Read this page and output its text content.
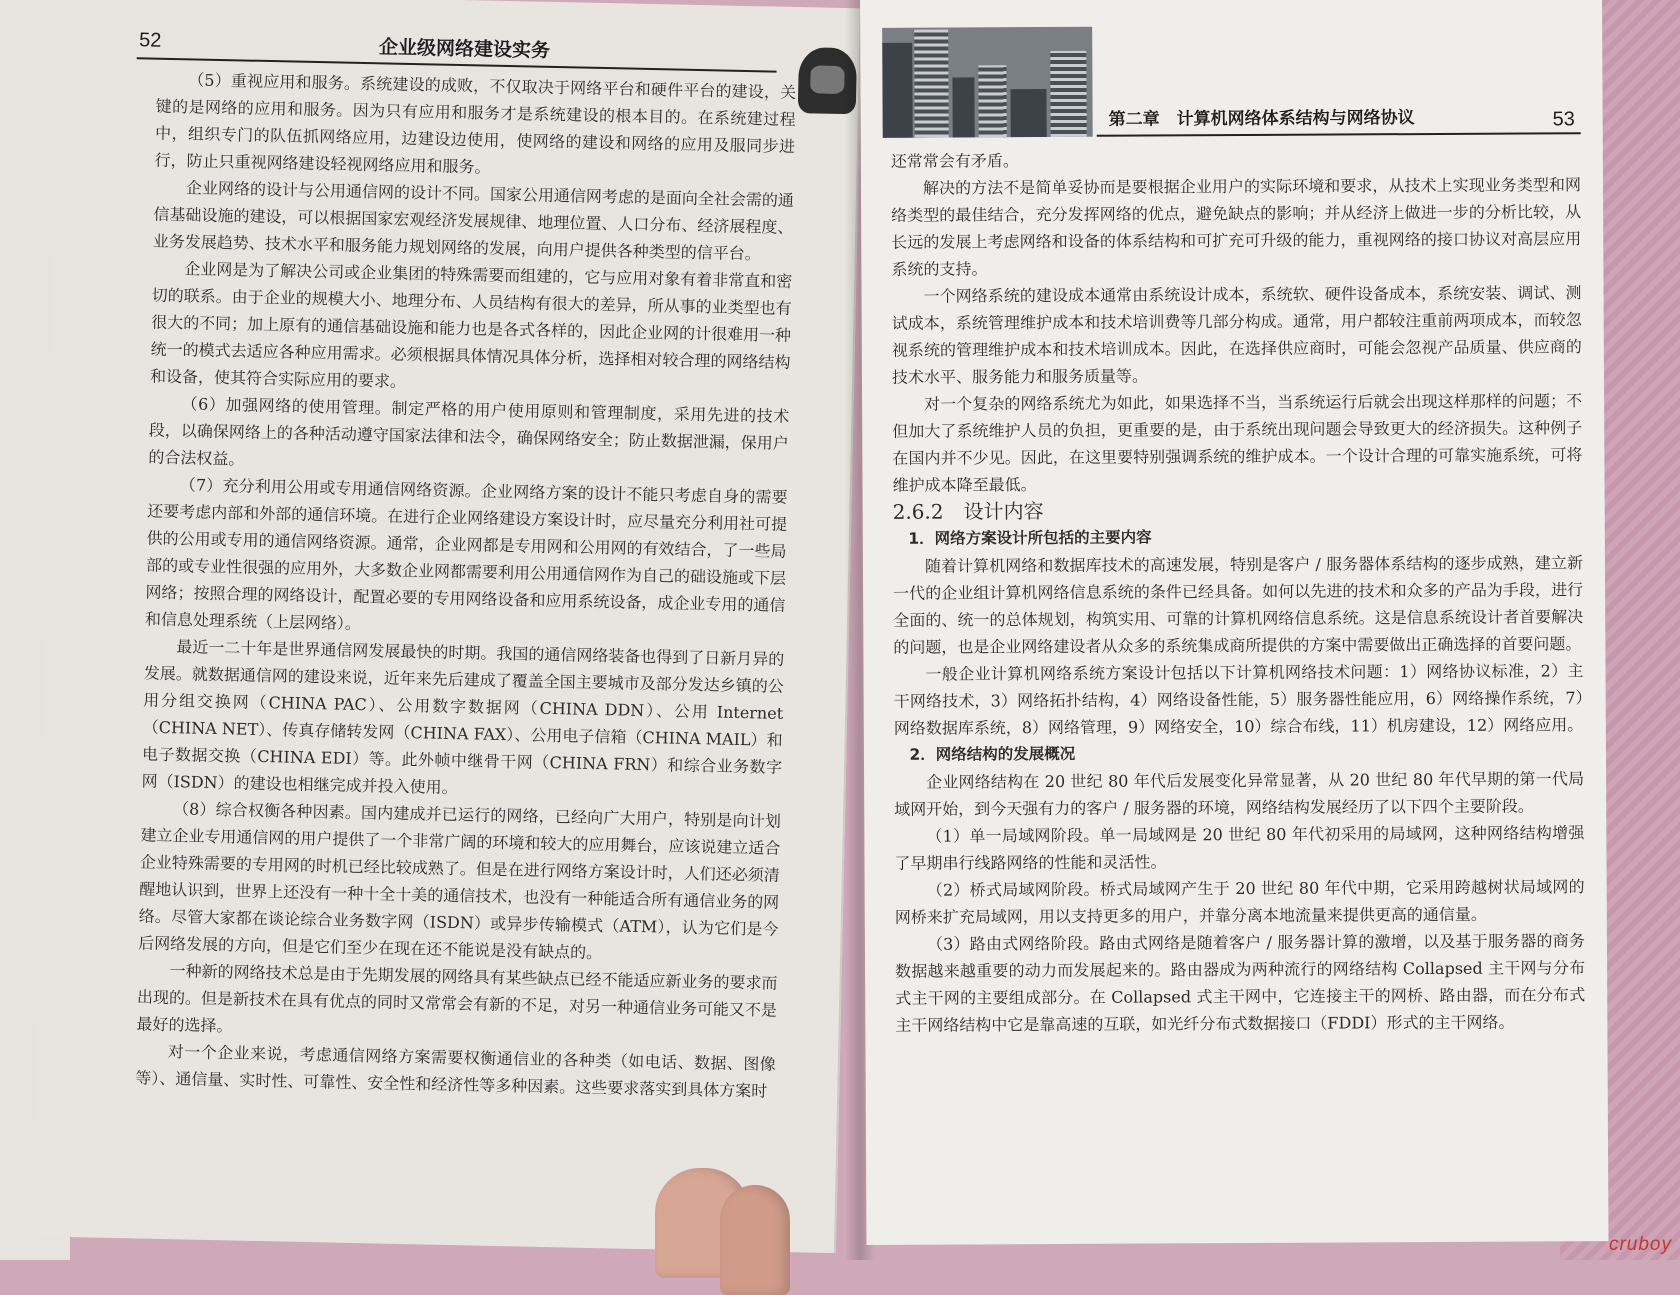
52	企业级网络建设实务

（5）重视应用和服务。系统建设的成败，不仅取决于网络平台和硬件平台的建设，关键的是网络的应用和服务。因为只有应用和服务才是系统建设的根本目的。在系统建过程中，组织专门的队伍抓网络应用，边建设边使用，使网络的建设和网络的应用及服同步进行，防止只重视网络建设轻视网络应用和服务。

企业网络的设计与公用通信网的设计不同。国家公用通信网考虑的是面向全社会需的通信基础设施的建设，可以根据国家宏观经济发展规律、地理位置、人口分布、经济展程度、业务发展趋势、技术水平和服务能力规划网络的发展，向用户提供各种类型的信平台。

企业网是为了解决公司或企业集团的特殊需要而组建的，它与应用对象有着非常直和密切的联系。由于企业的规模大小、地理分布、人员结构有很大的差异，所从事的业类型也有很大的不同；加上原有的通信基础设施和能力也是各式各样的，因此企业网的计很难用一种统一的模式去适应各种应用需求。必须根据具体情况具体分析，选择相对较合理的网络结构和设备，使其符合实际应用的要求。

（6）加强网络的使用管理。制定严格的用户使用原则和管理制度，采用先进的技术段，以确保网络上的各种活动遵守国家法律和法令，确保网络安全；防止数据泄漏，保用户的合法权益。

（7）充分利用公用或专用通信网络资源。企业网络方案的设计不能只考虑自身的需要还要考虑内部和外部的通信环境。在进行企业网络建设方案设计时，应尽量充分利用社可提供的公用或专用的通信网络资源。通常，企业网都是专用网和公用网的有效结合，了一些局部的或专业性很强的应用外，大多数企业网都需要利用公用通信网作为自己的础设施或下层网络；按照合理的网络设计，配置必要的专用网络设备和应用系统设备，成企业专用的通信和信息处理系统（上层网络）。

最近一二十年是世界通信网发展最快的时期。我国的通信网络装备也得到了日新月异的发展。就数据通信网的建设来说，近年来先后建成了覆盖全国主要城市及部分发达乡镇的公用分组交换网（CHINA PAC）、公用数字数据网（CHINA DDN）、公用 Internet（CHINA NET）、传真存储转发网（CHINA FAX）、公用电子信箱（CHINA MAIL）和电子数据交换（CHINA EDI）等。此外帧中继骨干网（CHINA FRN）和综合业务数字网（ISDN）的建设也相继完成并投入使用。

（8）综合权衡各种因素。国内建成并已运行的网络，已经向广大用户，特别是向计划建立企业专用通信网的用户提供了一个非常广阔的环境和较大的应用舞台，应该说建立适合企业特殊需要的专用网的时机已经比较成熟了。但是在进行网络方案设计时，人们还必须清醒地认识到，世界上还没有一种十全十美的通信技术，也没有一种能适合所有通信业务的网络。尽管大家都在谈论综合业务数字网（ISDN）或异步传输模式（ATM），认为它们是今后网络发展的方向，但是它们至少在现在还不能说是没有缺点的。

一种新的网络技术总是由于先期发展的网络具有某些缺点已经不能适应新业务的要求而出现的。但是新技术在具有优点的同时又常常会有新的不足，对另一种通信业务可能又不是最好的选择。

对一个企业来说，考虑通信网络方案需要权衡通信业的各种类（如电话、数据、图像等）、通信量、实时性、可靠性、安全性和经济性等多种因素。这些要求落实到具体方案时

第二章　计算机网络体系结构与网络协议	53

还常常会有矛盾。

解决的方法不是简单妥协而是要根据企业用户的实际环境和要求，从技术上实现业务类型和网络类型的最佳结合，充分发挥网络的优点，避免缺点的影响；并从经济上做进一步的分析比较，从长远的发展上考虑网络和设备的体系结构和可扩充可升级的能力，重视网络的接口协议对高层应用系统的支持。

一个网络系统的建设成本通常由系统设计成本，系统软、硬件设备成本，系统安装、调试、测试成本，系统管理维护成本和技术培训费等几部分构成。通常，用户都较注重前两项成本，而较忽视系统的管理维护成本和技术培训成本。因此，在选择供应商时，可能会忽视产品质量、供应商的技术水平、服务能力和服务质量等。

对一个复杂的网络系统尤为如此，如果选择不当，当系统运行后就会出现这样那样的问题；不但加大了系统维护人员的负担，更重要的是，由于系统出现问题会导致更大的经济损失。这种例子在国内并不少见。因此，在这里要特别强调系统的维护成本。一个设计合理的可靠实施系统，可将维护成本降至最低。

2.6.2　 设计内容

1．网络方案设计所包括的主要内容

随着计算机网络和数据库技术的高速发展，特别是客户 / 服务器体系结构的逐步成熟，建立新一代的企业组计算机网络信息系统的条件已经具备。如何以先进的技术和众多的产品为手段，进行全面的、统一的总体规划，构筑实用、可靠的计算机网络信息系统。这是信息系统设计者首要解决的问题，也是企业网络建设者从众多的系统集成商所提供的方案中需要做出正确选择的首要问题。

一般企业计算机网络系统方案设计包括以下计算机网络技术问题：1）网络协议标准，2）主干网络技术，3）网络拓扑结构，4）网络设备性能，5）服务器性能应用，6）网络操作系统，7）网络数据库系统，8）网络管理，9）网络安全，10）综合布线，11）机房建设，12）网络应用。

2．网络结构的发展概况

企业网络结构在 20 世纪 80 年代后发展变化异常显著，从 20 世纪 80 年代早期的第一代局域网开始，到今天强有力的客户 / 服务器的环境，网络结构发展经历了以下四个主要阶段。

（1）单一局域网阶段。单一局域网是 20 世纪 80 年代初采用的局域网，这种网络结构增强了早期串行线路网络的性能和灵活性。

（2）桥式局域网阶段。桥式局域网产生于 20 世纪 80 年代中期，它采用跨越树状局域网的网桥来扩充局域网，用以支持更多的用户，并靠分离本地流量来提供更高的通信量。

（3）路由式网络阶段。路由式网络是随着客户 / 服务器计算的激增，以及基于服务器的商务数据越来越重要的动力而发展起来的。路由器成为两种流行的网络结构 Collapsed 主干网与分布式主干网的主要组成部分。在 Collapsed 式主干网中，它连接主干的网桥、路由器，而在分布式主干网络结构中它是靠高速的互联，如光纤分布式数据接口（FDDI）形式的主干网络。

cruboy
